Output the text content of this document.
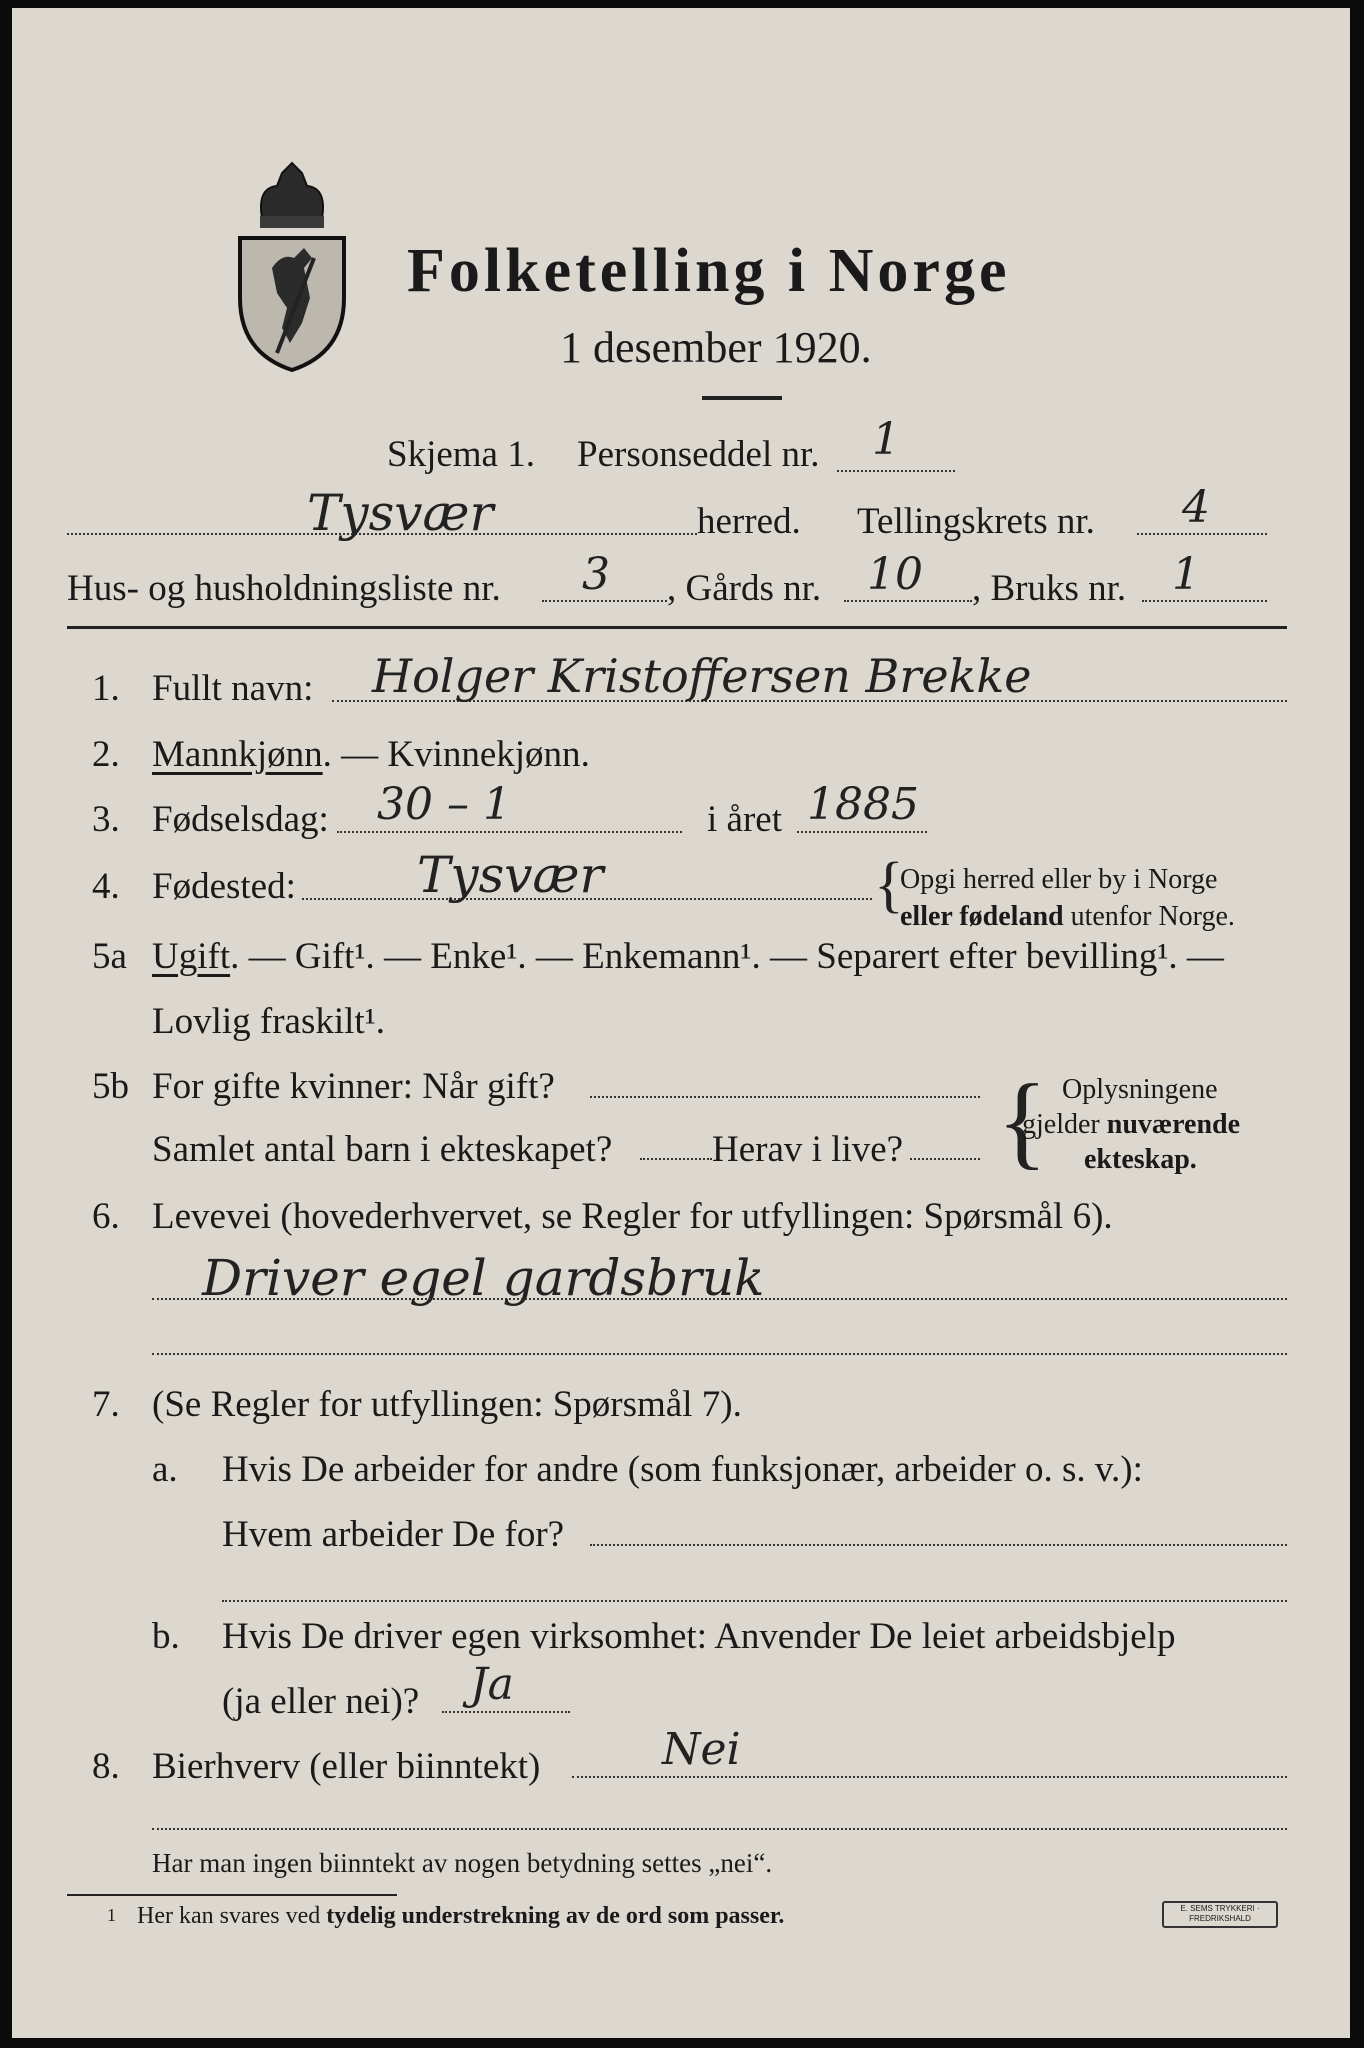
Folketelling i Norge
1 desember 1920.
Skjema 1. Personseddel nr. 1
Tysvær	herred. Tellingskrets nr. 4
Hus- og husholdningsliste nr. 3 , Gårds nr. 10 , Bruks nr. 1
1. Fullt navn: Holger Kristoffersen Brekke
2. Mannkjønn. — Kvinnekjønn.
3. Fødselsdag: 30 – 1	i året 1885
4. Fødested: Tysvær	{
Opgi herred eller by i Norge
eller fødeland utenfor Norge.
5a Ugift. — Gift¹. — Enke¹. — Enkemann¹. — Separert efter bevilling¹. —
Lovlig fraskilt¹.
5b For gifte kvinner: Når gift?
Samlet antal barn i ekteskapet?	Herav i live? { Oplysningene
gjelder nuværende
ekteskap.
6. Levevei (hovederhvervet, se Regler for utfyllingen: Spørsmål 6).
Driver egel gardsbruk
7. (Se Regler for utfyllingen: Spørsmål 7).
a. Hvis De arbeider for andre (som funksjonær, arbeider o. s. v.):
Hvem arbeider De for?
b. Hvis De driver egen virksomhet: Anvender De leiet arbeidsbjelp
(ja eller nei)? Ja
8. Bierhverv (eller biinntekt)	Nei
Har man ingen biinntekt av nogen betydning settes „nei“.
1 Her kan svares ved tydelig understrekning av de ord som passer.	E. SEMS TRYKKERI · FREDRIKSHALD
